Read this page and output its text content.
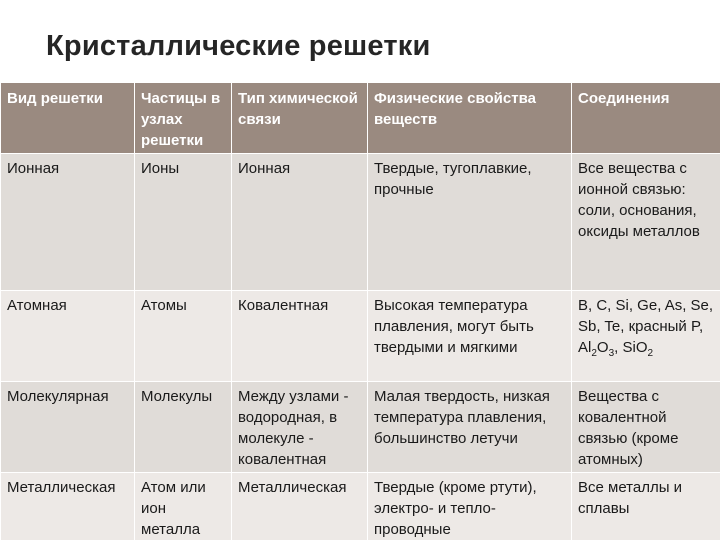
Кристаллические решетки
Вид решетки	Частицы в узлах решетки	Тип химической связи	Физические свойства веществ	Соединения
Ионная	Ионы	Ионная	Твердые, тугоплавкие, прочные	Все вещества с ионной связью: соли, основания, оксиды металлов
Атомная	Атомы	Ковалентная	Высокая температура плавления, могут быть твердыми и мягкими	B, C, Si, Ge, As, Se, Sb, Te, красный P, $Al_2O_3$, SiO$_2$
Молекулярная	Молекулы	Между узлами - водородная, в молекуле - ковалентная	Малая твердость, низкая температура плавления, большинство летучи	Вещества с ковалентной связью (кроме атомных)
Металлическая	Атом или ион металла	Металлическая	Твердые (кроме ртути), электро- и тепло-проводные	Все металлы и сплавы
